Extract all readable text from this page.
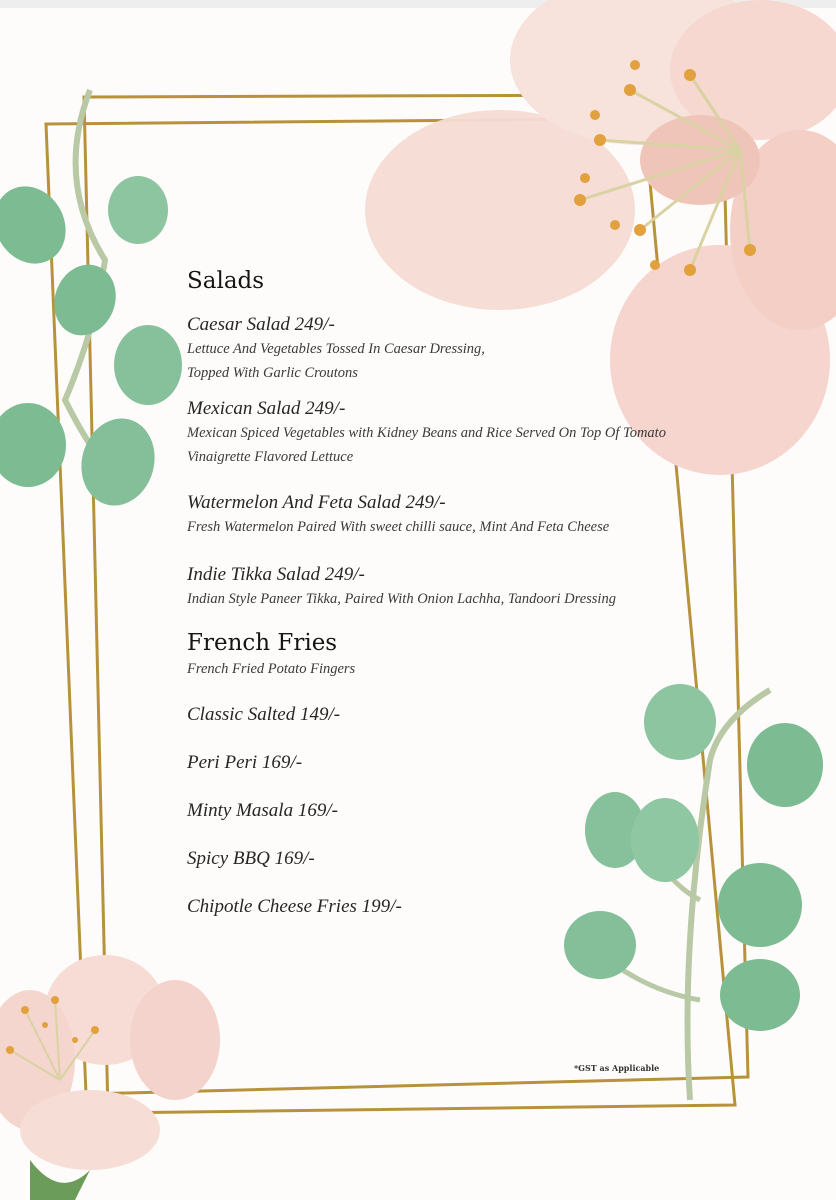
Salads

Caesar Salad 249/-

Lettuce And Vegetables Tossed In Caesar Dressing,

Topped With Garlic Croutons

Mexican Salad 249/-

Mexican Spiced Vegetables with Kidney Beans and Rice Served On Top Of Tomato

Vinaigrette Flavored Lettuce

Watermelon And Feta Salad 249/-

Fresh Watermelon Paired With sweet chilli sauce, Mint And Feta Cheese

Indie Tikka Salad 249/-

Indian Style Paneer Tikka, Paired With Onion Lachha, Tandoori Dressing

French Fries

French Fried Potato Fingers

Classic Salted 149/-

Peri Peri 169/-

Minty Masala 169/-

Spicy BBQ 169/-

Chipotle Cheese Fries 199/-

*GST as Applicable
